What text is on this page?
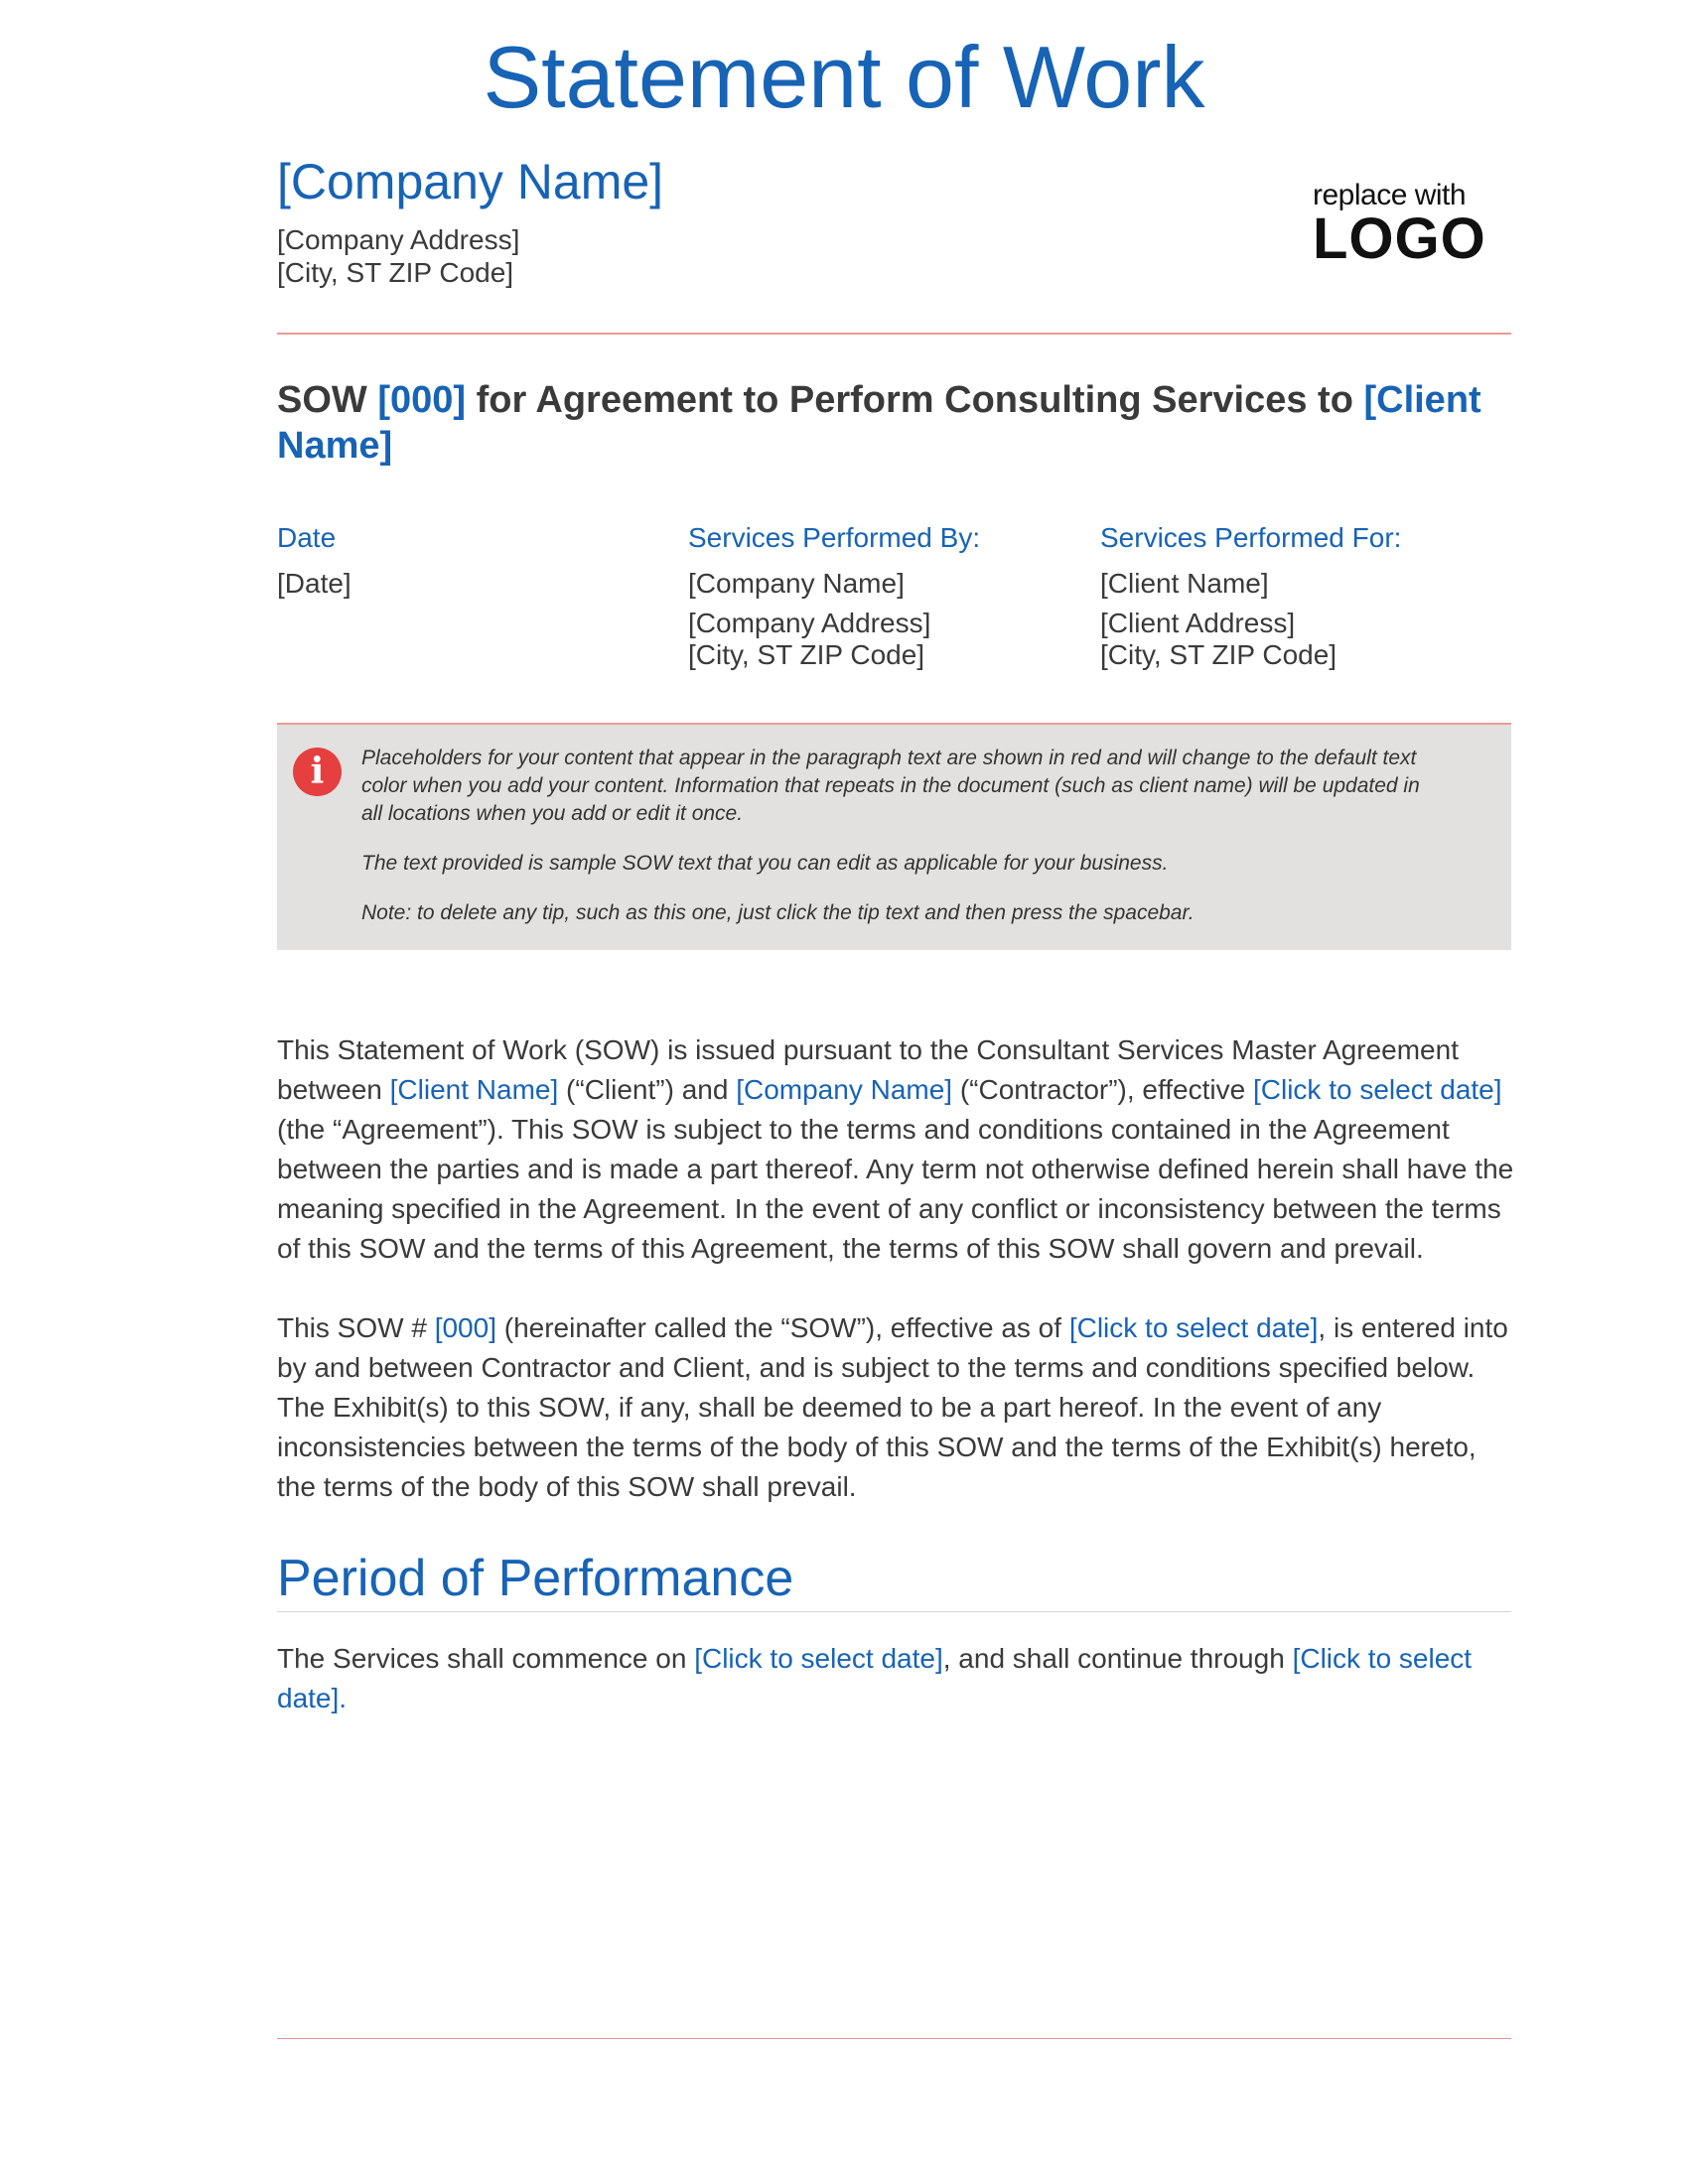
Statement of Work
[Company Name]
[Company Address]
[City, ST ZIP Code]
replace with
LOGO
SOW [000] for Agreement to Perform Consulting Services to [Client Name]
Date
[Date]
Services Performed By:
[Company Name]
[Company Address]
[City, ST ZIP Code]
Services Performed For:
[Client Name]
[Client Address]
[City, ST ZIP Code]
i	Placeholders for your content that appear in the paragraph text are shown in red and will change to the default text color when you add your content. Information that repeats in the document (such as client name) will be updated in all locations when you add or edit it once.

The text provided is sample SOW text that you can edit as applicable for your business.

Note: to delete any tip, such as this one, just click the tip text and then press the spacebar.

This Statement of Work (SOW) is issued pursuant to the Consultant Services Master Agreement between [Client Name] (“Client”) and [Company Name] (“Contractor”), effective [Click to select date] (the “Agreement”). This SOW is subject to the terms and conditions contained in the Agreement between the parties and is made a part thereof. Any term not otherwise defined herein shall have the meaning specified in the Agreement. In the event of any conflict or inconsistency between the terms of this SOW and the terms of this Agreement, the terms of this SOW shall govern and prevail.

This SOW # [000] (hereinafter called the “SOW”), effective as of [Click to select date], is entered into by and between Contractor and Client, and is subject to the terms and conditions specified below. The Exhibit(s) to this SOW, if any, shall be deemed to be a part hereof. In the event of any inconsistencies between the terms of the body of this SOW and the terms of the Exhibit(s) hereto, the terms of the body of this SOW shall prevail.

Period of Performance

The Services shall commence on [Click to select date], and shall continue through [Click to select date].
